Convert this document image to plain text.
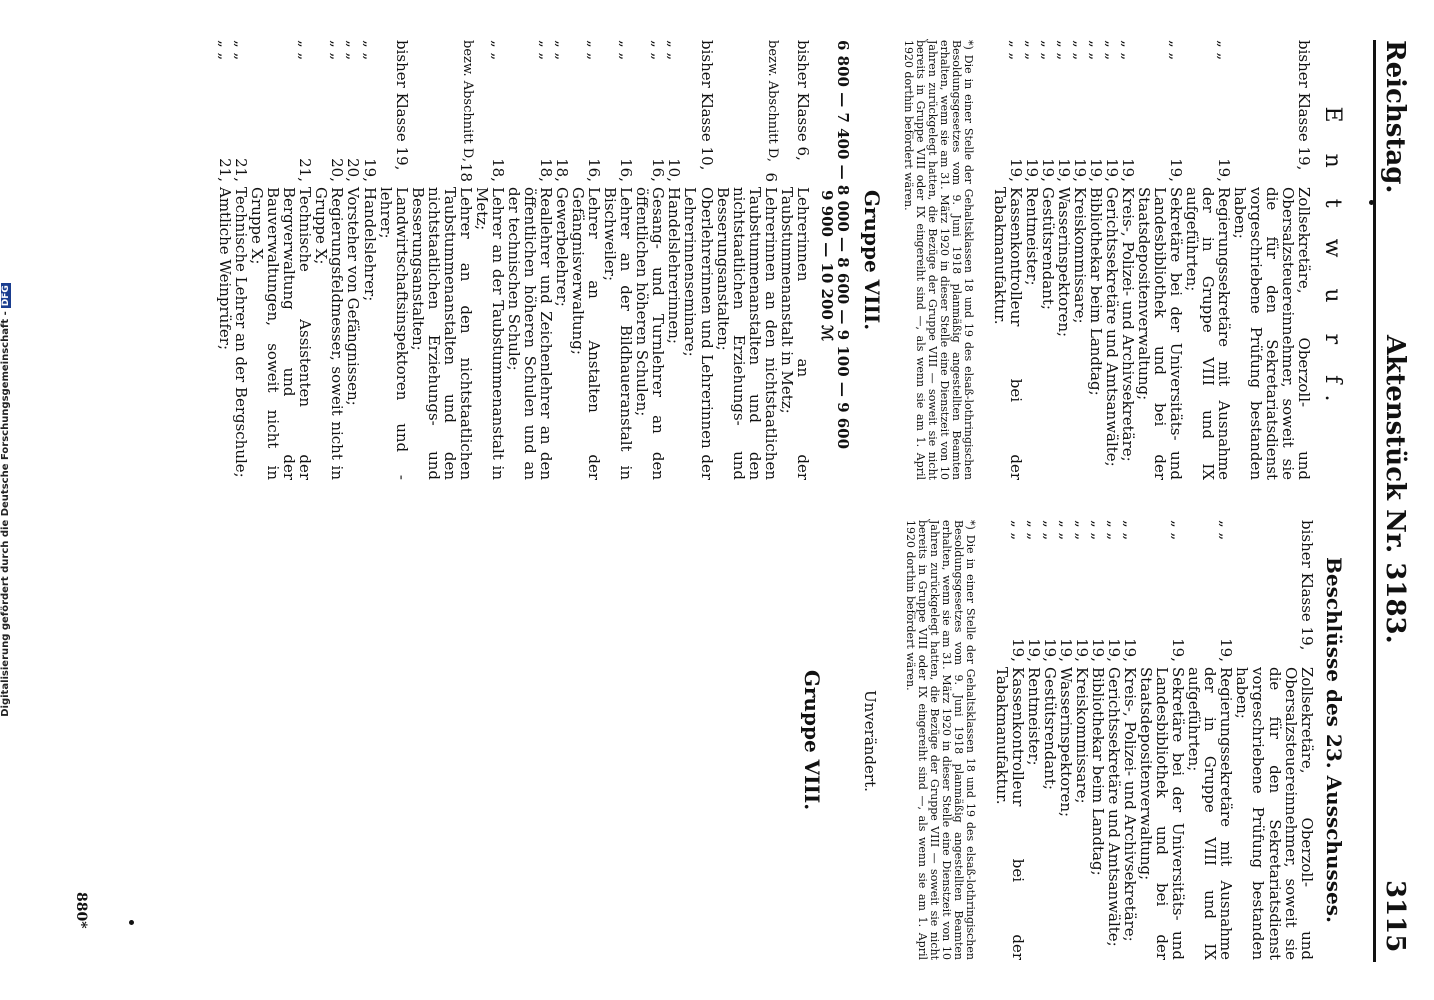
Reichstag.
Aktenstück Nr. 3183.
3115
E n t w u r f.
bisher Klasse 19,
Zollsekretäre, Oberzoll- und Obersalzsteuereinnehmer, soweit sie die für den Sekretariatsdienst vorgeschriebene Prüfung bestanden haben;
„ „
19,
Regierungssekretäre mit Ausnahme der in Gruppe VIII und IX aufgeführten;
„ „
19,
Sekretäre bei der Universitäts- und Landesbibliothek und bei der Staatsdepositenverwaltung;
„ „
19,
Kreis-, Polizei- und Archivsekretäre;
„ „
19,
Gerichtssekretäre und Amtsanwälte;
„ „
19,
Bibliothekar beim Landtag;
„ „
19,
Kreiskommissare;
„ „
19,
Wasserinspektoren;
„ „
19,
Gestütsrendant;
„ „
19,
Rentmeister;
„ „
19,
Kassenkontrolleur bei der Tabakmanufaktur.
*) Die in einer Stelle der Gehaltsklassen 18 und 19 des elsaß-lothringischen Besoldungsgesetzes vom 9. Juni 1918 planmäßig angestellten Beamten erhalten, wenn sie am 31. März 1920 in dieser Stelle eine Dienstzeit von 10 Jahren zurückgelegt hatten, die Bezüge der Gruppe VIII — soweit sie nicht bereits in Gruppe VIII oder IX eingereiht sind —, als wenn sie am 1. April 1920 dorthin befördert wären.
Gruppe VIII.
6 800 — 7 400 — 8 000 — 8 600 — 9 100 — 9 600
9 900 — 10 200 ℳ
bisher Klasse 6,
Lehrerinnen an der Taubstummenanstalt in Metz;
bezw. Abschnitt D,
6
Lehrerinnen an den nichtstaatlichen Taubstummenanstalten und den nichtstaatlichen Erziehungs- und Besserungsanstalten;
bisher Klasse 10,
Oberlehrerinnen und Lehrerinnen der Lehrerinnenseminare;
„ „
10,
Handelslehrerinnen;
„ „
16,
Gesang- und Turnlehrer an den öffentlichen höheren Schulen;
„ „
16,
Lehrer an der Bildhaueranstalt in Bischweiler;
„ „
16,
Lehrer an Anstalten der Gefängnisverwaltung;
„ „
18,
Gewerbelehrer;
„ „
18,
Reallehrer und Zeichenlehrer an den öffentlichen höheren Schulen und an der technischen Schule;
„ „
18,
Lehrer an der Taubstummenanstalt in Metz;
bezw. Abschnitt D,
18
Lehrer an den nichtstaatlichen Taubstummenanstalten und den nichtstaatlichen Erziehungs- und Besserungsanstalten;
bisher Klasse 19,
Landwirtschaftsinspektoren und -lehrer;
„ „
19,
Handelslehrer;
„ „
20,
Vorsteher von Gefängnissen;
„ „
20,
Regierungsfeldmesser, soweit nicht in Gruppe X;
„ „
21,
Technische Assistenten der Bergverwaltung und der Bauverwaltungen, soweit nicht in Gruppe X;
„ „
21,
Technische Lehrer an der Bergschule;
„ „
21,
Amtliche Weinprüfer;
Beschlüsse des 23. Ausschusses.
bisher Klasse 19,
Zollsekretäre, Oberzoll- und Obersalzsteuereinnehmer, soweit sie die für den Sekretariatsdienst vorgeschriebene Prüfung bestanden haben;
„ „
19,
Regierungssekretäre mit Ausnahme der in Gruppe VIII und IX aufgeführten;
„ „
19,
Sekretäre bei der Universitäts- und Landesbibliothek und bei der Staatsdepositenverwaltung;
„ „
19,
Kreis-, Polizei- und Archivsekretäre;
„ „
19,
Gerichtssekretäre und Amtsanwälte;
„ „
19,
Bibliothekar beim Landtag;
„ „
19,
Kreiskommissare;
„ „
19,
Wasserinspektoren;
„ „
19,
Gestütsrendant;
„ „
19,
Rentmeister;
„ „
19,
Kassenkontrolleur bei der Tabakmanufaktur.
*) Die in einer Stelle der Gehaltsklassen 18 und 19 des elsaß-lothringischen Besoldungsgesetzes vom 9. Juni 1918 planmäßig angestellten Beamten erhalten, wenn sie am 31. März 1920 in dieser Stelle eine Dienstzeit von 10 Jahren zurückgelegt hatten, die Bezüge der Gruppe VIII — soweit sie nicht bereits in Gruppe VIII oder IX eingereiht sind —, als wenn sie am 1. April 1920 dorthin befördert wären.
Unverändert.
Gruppe VIII.
880*
Digitalisierung gefördert durch die Deutsche Forschungsgemeinschaft -DFG
